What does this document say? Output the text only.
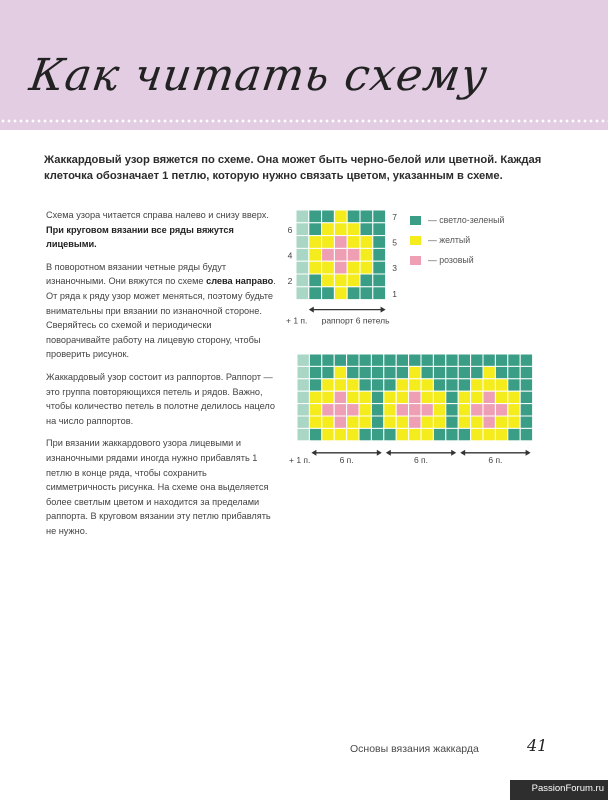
Как читать схему
Жаккардовый узор вяжется по схеме. Она может быть черно-белой или цветной. Каждая клеточка обозначает 1 петлю, которую нужно связать цветом, указанным в схеме.

Схема узора читается справа налево и снизу вверх. При круговом вязании все ряды вяжутся лицевыми.

В поворотном вязании четные ряды будут изнаночными. Они вяжутся по схеме слева направо. От ряда к ряду узор может меняться, поэтому будьте внимательны при вязании по изнаночной стороне. Сверяйтесь со схемой и периодически поворачивайте работу на лицевую сторону, чтобы проверить рисунок.

Жаккардовый узор состоит из раппортов. Раппорт — это группа повторяющихся петель и рядов. Важно, чтобы количество петель в полотне делилось нацело на число раппортов.

При вязании жаккардового узора лицевыми и изнаночными рядами иногда нужно прибавлять 1 петлю в конце ряда, чтобы сохранить симметричность рисунка. На схеме она выделяется более светлым цветом и находится за пределами раппорта. В круговом вязании эту петлю прибавлять не нужно.

7
5
3
1
6
4
2
+ 1 п. раппорт 6 петель
6 п.	6 п.	6 п.
+ 1 п.
— светло-зеленый
— желтый
— розовый
Основы вязания жаккарда	41
PassionForum.ru
